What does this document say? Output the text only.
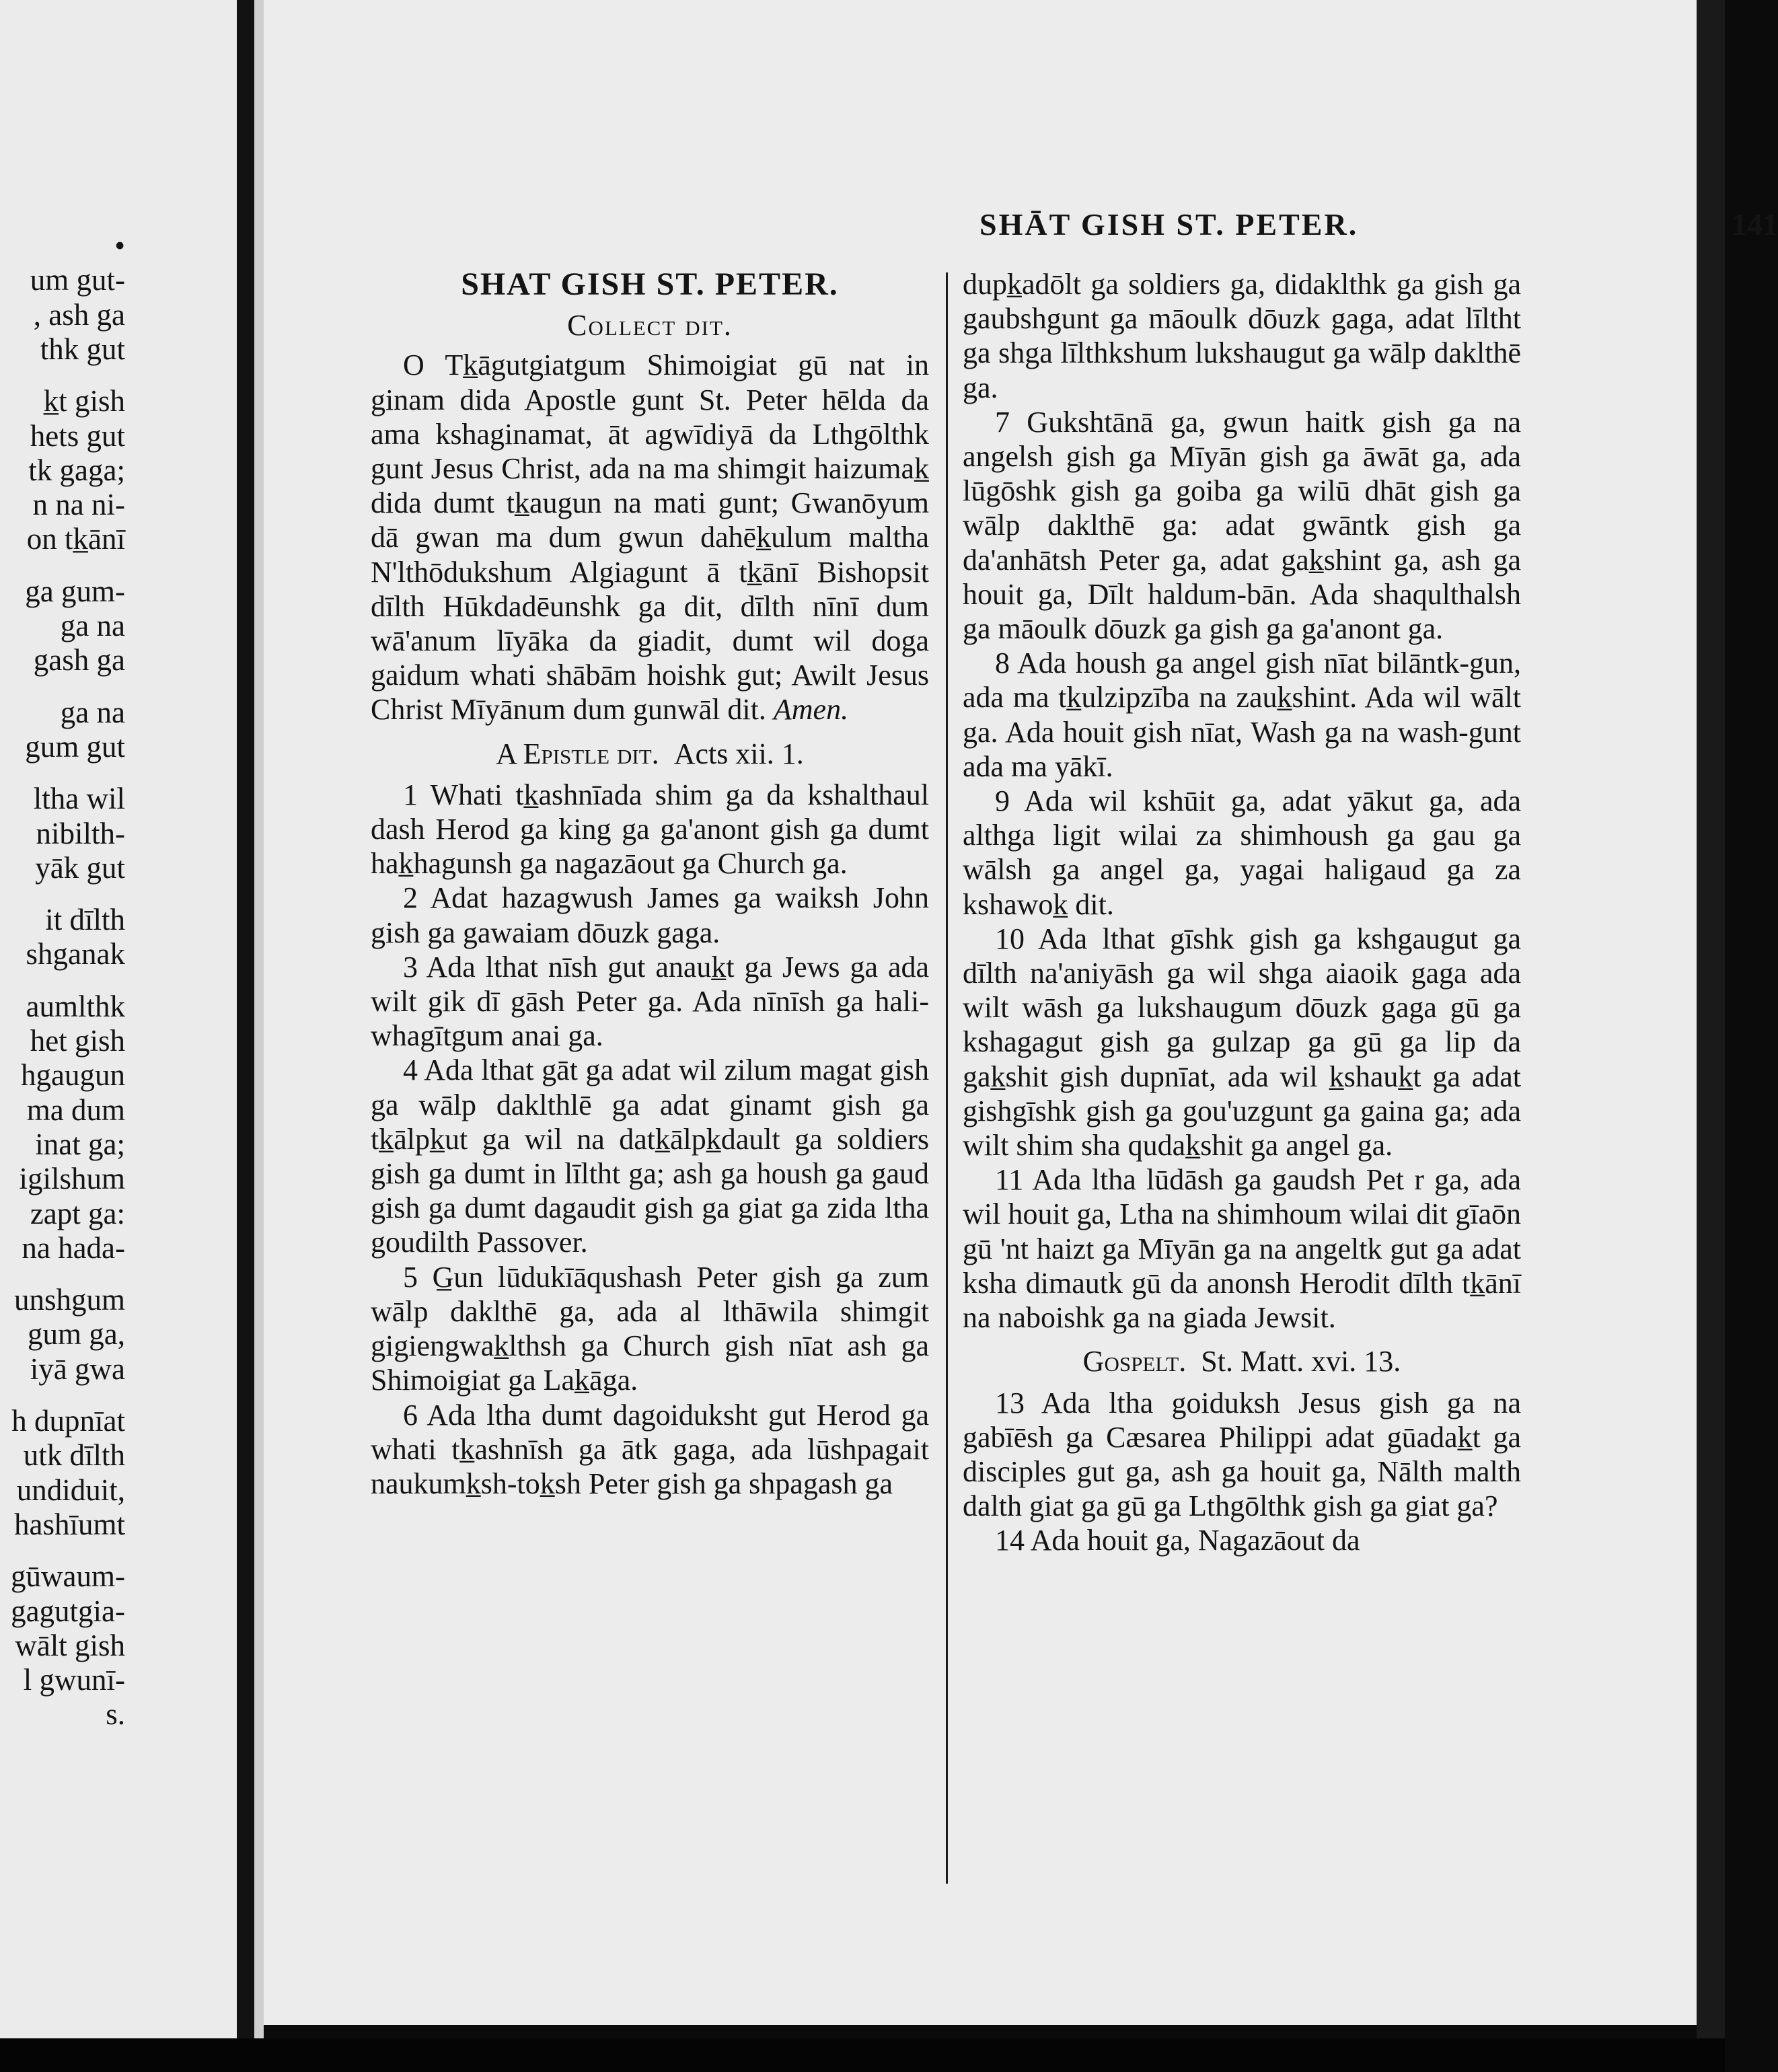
•
um gut-
, ash ga
thk gut
k̲t gish
hets gut
tk gaga;
n na ni-
on tk̲ānī
ga gum-
ga na
gash ga
ga na
gum gut
ltha wil
nibilth-
yāk gut
it dīlth
shganak
aumlthk
het gish
hgaugun
ma dum
inat ga;
igilshum
zapt ga:
na hada-
unshgum
gum ga,
iyā gwa
h dupnīat
utk dīlth
undiduit,
hashīumt
gūwaum-
gagutgia-
wālt gish
l gwunī-
s.
SHĀT GISH ST. PETER.	141
SHAT GISH ST. PETER.
Collect dit.
O Tk̲āgutgiatgum Shimoigiat gū nat in ginam dida Apostle gunt St. Peter hēlda da ama kshaginamat, āt agwīdiyā da Lthgōlthk gunt Jesus Christ, ada na ma shimgit haizumak̲ dida dumt tk̲augun na mati gunt; Gwanōyum dā gwan ma dum gwun dahēk̲ulum maltha N'lthōdukshum Algiagunt ā tk̲ānī Bishopsit dīlth Hūkdadēunshk ga dit, dīlth nīnī dum wā'anum līyāka da giadit, dumt wil doga gaidum whati shābām hoishk gut; Awilt Jesus Christ Mīyānum dum gunwāl dit. Amen.
A Epistle dit. Acts xii. 1.
1 Whati tk̲ashnīada shim ga da kshalthaul dash Herod ga king ga ga'anont gish ga dumt hak̲hagunsh ga nagazāout ga Church ga.
2 Adat hazagwush James ga waiksh John gish ga gawaiam dōuzk gaga.
3 Ada lthat nīsh gut anauk̲t ga Jews ga ada wilt gik dī gāsh Peter ga. Ada nīnīsh ga hali-whagītgum anai ga.
4 Ada lthat gāt ga adat wil zilum magat gish ga wālp daklthlē ga adat ginamt gish ga tk̲ālpk̲ut ga wil na datk̲ālpk̲dault ga soldiers gish ga dumt in līltht ga; ash ga housh ga gaud gish ga dumt dagaudit gish ga giat ga zida ltha goudilth Passover.
5 G̲un lūdukīāqushash Peter gish ga zum wālp daklthē ga, ada al lthāwila shimgit gigiengwak̲lthsh ga Church gish nīat ash ga Shimoigiat ga Lak̲āga.
6 Ada ltha dumt dagoiduksht gut Herod ga whati tk̲ashnīsh ga ātk gaga, ada lūshpagait naukumk̲sh-tok̲sh Peter gish ga shpagash ga
dupk̲adōlt ga soldiers ga, didaklthk ga gish ga gaubshgunt ga māoulk dōuzk gaga, adat līltht ga shga līlthkshum lukshaugut ga wālp daklthē ga.
7 Gukshtānā ga, gwun haitk gish ga na angelsh gish ga Mīyān gish ga āwāt ga, ada lūgōshk gish ga goiba ga wilū dhāt gish ga wālp daklthē ga: adat gwāntk gish ga da'anhātsh Peter ga, adat gak̲shint ga, ash ga houit ga, Dīlt haldum-bān. Ada shaqulthalsh ga māoulk dōuzk ga gish ga ga'anont ga.
8 Ada housh ga angel gish nīat bilāntk-gun, ada ma tk̲ulzipzība na zauk̲shint. Ada wil wālt ga. Ada houit gish nīat, Wash ga na wash-gunt ada ma yākī.
9 Ada wil kshūit ga, adat yākut ga, ada althga ligit wilai za shimhoush ga gau ga wālsh ga angel ga, yagai haligaud ga za kshawok̲ dit.
10 Ada lthat gīshk gish ga kshgaugut ga dīlth na'aniyāsh ga wil shga aiaoik gaga ada wilt wāsh ga lukshaugum dōuzk gaga gū ga kshagagut gish ga gulzap ga gū ga lip da gak̲shit gish dupnīat, ada wil k̲shauk̲t ga adat gishgīshk gish ga gou'uzgunt ga gaina ga; ada wilt shim sha qudak̲shit ga angel ga.
11 Ada ltha lūdāsh ga gaudsh Pet r ga, ada wil houit ga, Ltha na shimhoum wilai dit gīaōn gū 'nt haizt ga Mīyān ga na angeltk gut ga adat ksha dimautk gū da anonsh Herodit dīlth tk̲ānī na naboishk ga na giada Jewsit.
Gospelt. St. Matt. xvi. 13.
13 Ada ltha goiduksh Jesus gish ga na gabīēsh ga Cæsarea Philippi adat gūadak̲t ga disciples gut ga, ash ga houit ga, Nālth malth dalth giat ga gū ga Lthgōlthk gish ga giat ga?
14 Ada houit ga, Nagazāout da
